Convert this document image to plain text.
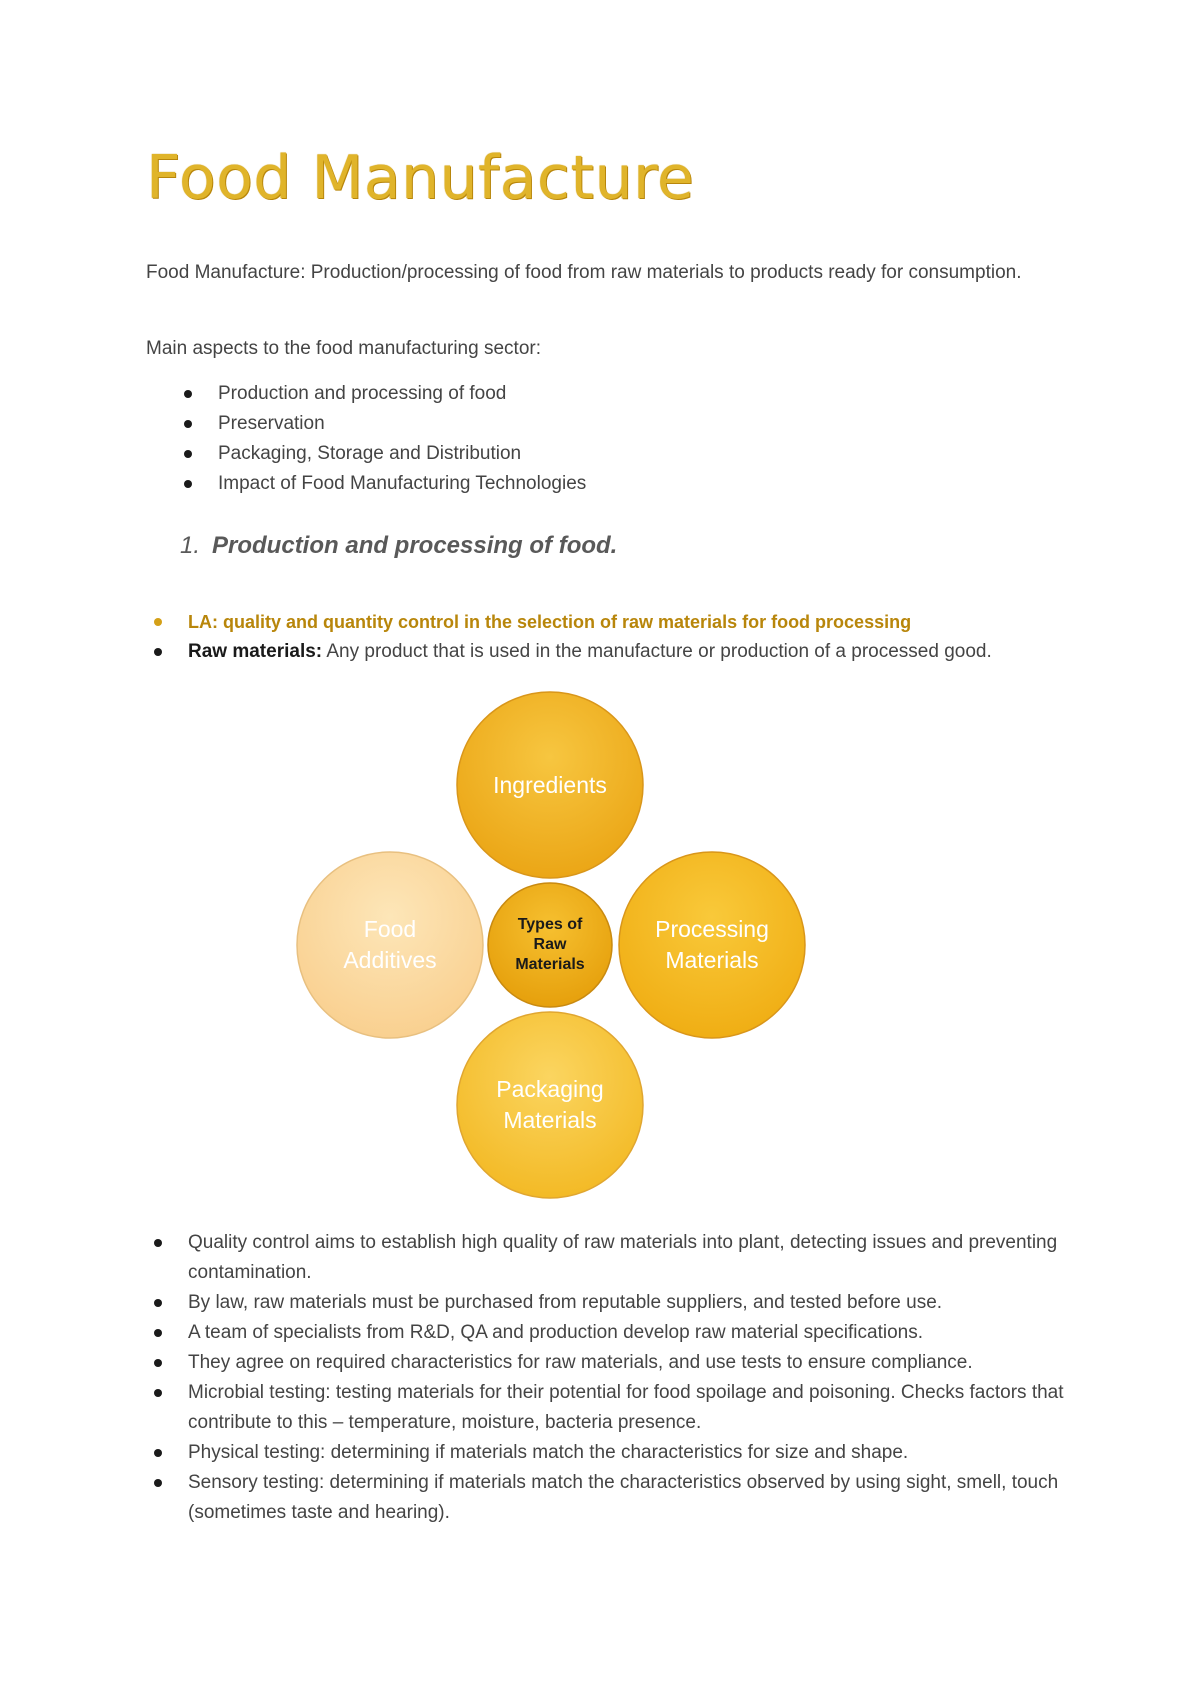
Food Manufacture

Food Manufacture: Production/processing of food from raw materials to products ready for consumption.

Main aspects to the food manufacturing sector:

Production and processing of food
Preservation
Packaging, Storage and Distribution
Impact of Food Manufacturing Technologies
1. Production and processing of food.
LA: quality and quantity control in the selection of raw materials for food processing
Raw materials: Any product that is used in the manufacture or production of a processed good.
Ingredients
Processing Materials
Packaging Materials
Food Additives
Types of Raw Materials
Quality control aims to establish high quality of raw materials into plant, detecting issues and preventing contamination.
By law, raw materials must be purchased from reputable suppliers, and tested before use.
A team of specialists from R&D, QA and production develop raw material specifications.
They agree on required characteristics for raw materials, and use tests to ensure compliance.
Microbial testing: testing materials for their potential for food spoilage and poisoning. Checks factors that contribute to this – temperature, moisture, bacteria presence.
Physical testing: determining if materials match the characteristics for size and shape.
Sensory testing: determining if materials match the characteristics observed by using sight, smell, touch (sometimes taste and hearing).
